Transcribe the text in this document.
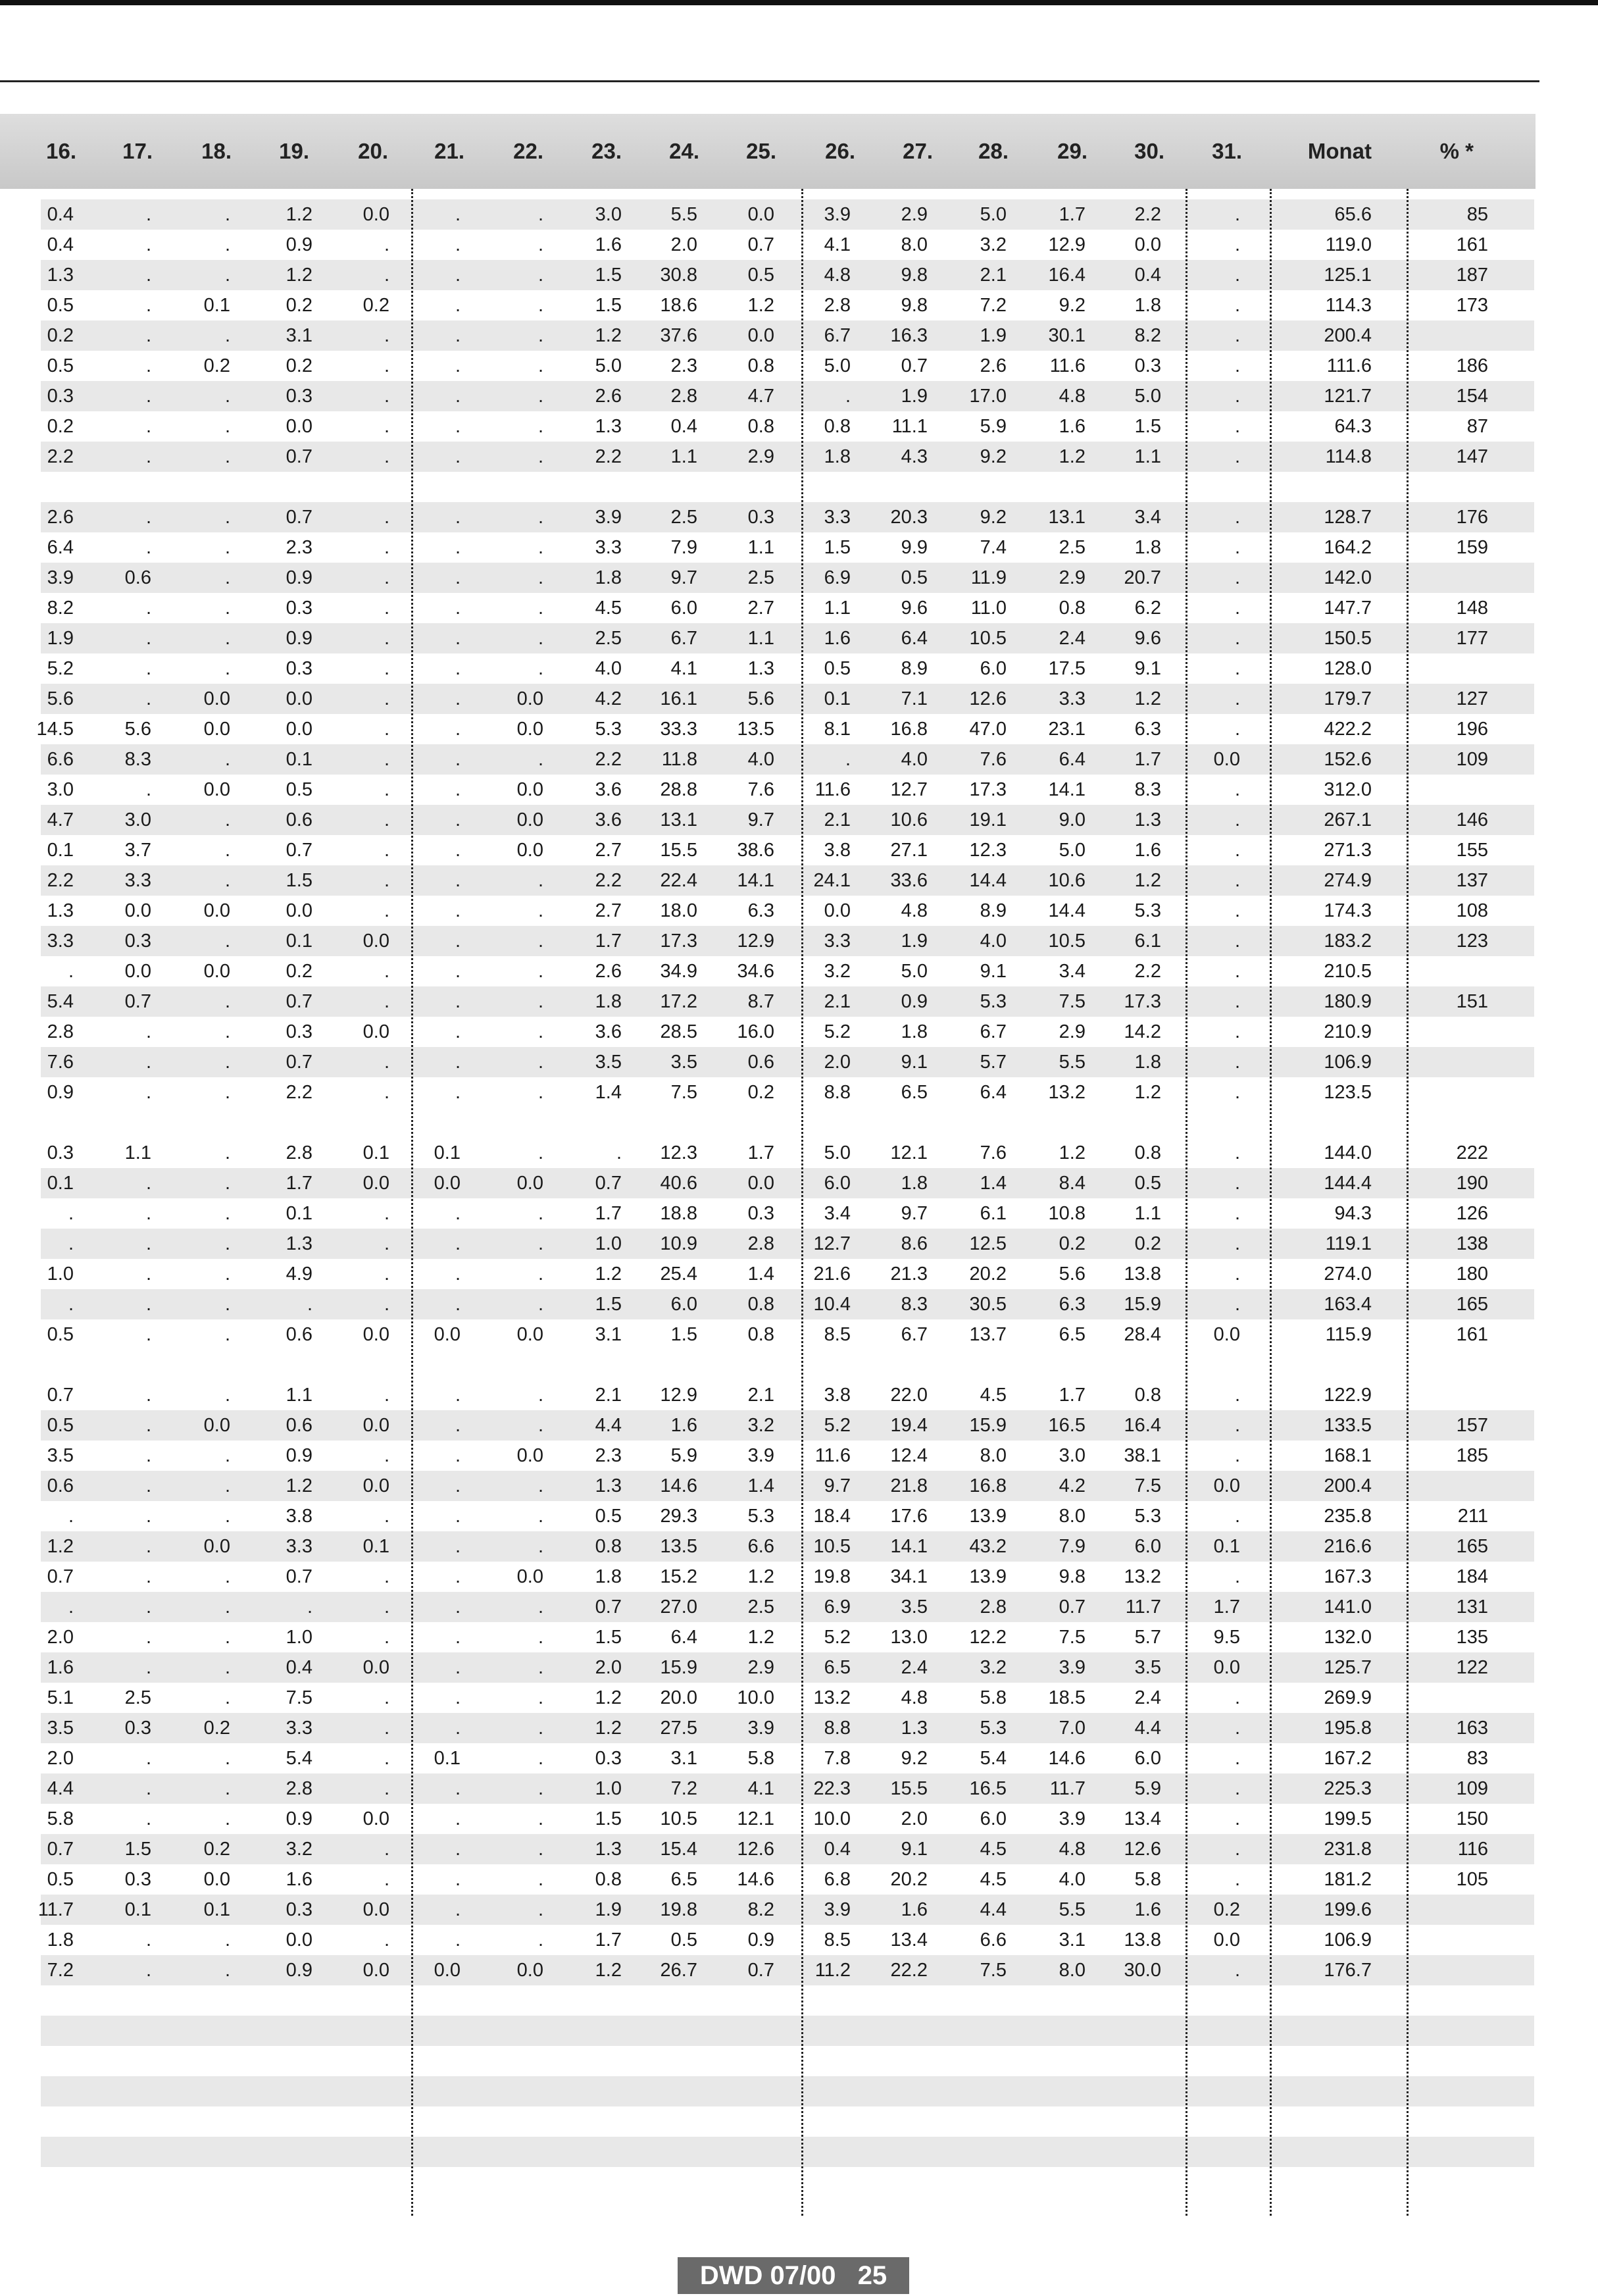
16.	17.	18.	19.	20.	21.	22.	23.	24.	25.	26.	27.	28.	29.	30.	31.	Monat	% *
0.4	.	.	1.2	0.0	.	.	3.0	5.5	0.0	3.9	2.9	5.0	1.7	2.2	.	65.6	85
0.4	.	.	0.9	.	.	.	1.6	2.0	0.7	4.1	8.0	3.2	12.9	0.0	.	119.0	161
1.3	.	.	1.2	.	.	.	1.5	30.8	0.5	4.8	9.8	2.1	16.4	0.4	.	125.1	187
0.5	.	0.1	0.2	0.2	.	.	1.5	18.6	1.2	2.8	9.8	7.2	9.2	1.8	.	114.3	173
0.2	.	.	3.1	.	.	.	1.2	37.6	0.0	6.7	16.3	1.9	30.1	8.2	.	200.4
0.5	.	0.2	0.2	.	.	.	5.0	2.3	0.8	5.0	0.7	2.6	11.6	0.3	.	111.6	186
0.3	.	.	0.3	.	.	.	2.6	2.8	4.7	.	1.9	17.0	4.8	5.0	.	121.7	154
0.2	.	.	0.0	.	.	.	1.3	0.4	0.8	0.8	11.1	5.9	1.6	1.5	.	64.3	87
2.2	.	.	0.7	.	.	.	2.2	1.1	2.9	1.8	4.3	9.2	1.2	1.1	.	114.8	147
2.6	.	.	0.7	.	.	.	3.9	2.5	0.3	3.3	20.3	9.2	13.1	3.4	.	128.7	176
6.4	.	.	2.3	.	.	.	3.3	7.9	1.1	1.5	9.9	7.4	2.5	1.8	.	164.2	159
3.9	0.6	.	0.9	.	.	.	1.8	9.7	2.5	6.9	0.5	11.9	2.9	20.7	.	142.0
8.2	.	.	0.3	.	.	.	4.5	6.0	2.7	1.1	9.6	11.0	0.8	6.2	.	147.7	148
1.9	.	.	0.9	.	.	.	2.5	6.7	1.1	1.6	6.4	10.5	2.4	9.6	.	150.5	177
5.2	.	.	0.3	.	.	.	4.0	4.1	1.3	0.5	8.9	6.0	17.5	9.1	.	128.0
5.6	.	0.0	0.0	.	.	0.0	4.2	16.1	5.6	0.1	7.1	12.6	3.3	1.2	.	179.7	127
14.5	5.6	0.0	0.0	.	.	0.0	5.3	33.3	13.5	8.1	16.8	47.0	23.1	6.3	.	422.2	196
6.6	8.3	.	0.1	.	.	.	2.2	11.8	4.0	.	4.0	7.6	6.4	1.7	0.0	152.6	109
3.0	.	0.0	0.5	.	.	0.0	3.6	28.8	7.6	11.6	12.7	17.3	14.1	8.3	.	312.0
4.7	3.0	.	0.6	.	.	0.0	3.6	13.1	9.7	2.1	10.6	19.1	9.0	1.3	.	267.1	146
0.1	3.7	.	0.7	.	.	0.0	2.7	15.5	38.6	3.8	27.1	12.3	5.0	1.6	.	271.3	155
2.2	3.3	.	1.5	.	.	.	2.2	22.4	14.1	24.1	33.6	14.4	10.6	1.2	.	274.9	137
1.3	0.0	0.0	0.0	.	.	.	2.7	18.0	6.3	0.0	4.8	8.9	14.4	5.3	.	174.3	108
3.3	0.3	.	0.1	0.0	.	.	1.7	17.3	12.9	3.3	1.9	4.0	10.5	6.1	.	183.2	123
.	0.0	0.0	0.2	.	.	.	2.6	34.9	34.6	3.2	5.0	9.1	3.4	2.2	.	210.5
5.4	0.7	.	0.7	.	.	.	1.8	17.2	8.7	2.1	0.9	5.3	7.5	17.3	.	180.9	151
2.8	.	.	0.3	0.0	.	.	3.6	28.5	16.0	5.2	1.8	6.7	2.9	14.2	.	210.9
7.6	.	.	0.7	.	.	.	3.5	3.5	0.6	2.0	9.1	5.7	5.5	1.8	.	106.9
0.9	.	.	2.2	.	.	.	1.4	7.5	0.2	8.8	6.5	6.4	13.2	1.2	.	123.5
0.3	1.1	.	2.8	0.1	0.1	.	.	12.3	1.7	5.0	12.1	7.6	1.2	0.8	.	144.0	222
0.1	.	.	1.7	0.0	0.0	0.0	0.7	40.6	0.0	6.0	1.8	1.4	8.4	0.5	.	144.4	190
.	.	.	0.1	.	.	.	1.7	18.8	0.3	3.4	9.7	6.1	10.8	1.1	.	94.3	126
.	.	.	1.3	.	.	.	1.0	10.9	2.8	12.7	8.6	12.5	0.2	0.2	.	119.1	138
1.0	.	.	4.9	.	.	.	1.2	25.4	1.4	21.6	21.3	20.2	5.6	13.8	.	274.0	180
.	.	.	.	.	.	.	1.5	6.0	0.8	10.4	8.3	30.5	6.3	15.9	.	163.4	165
0.5	.	.	0.6	0.0	0.0	0.0	3.1	1.5	0.8	8.5	6.7	13.7	6.5	28.4	0.0	115.9	161
0.7	.	.	1.1	.	.	.	2.1	12.9	2.1	3.8	22.0	4.5	1.7	0.8	.	122.9
0.5	.	0.0	0.6	0.0	.	.	4.4	1.6	3.2	5.2	19.4	15.9	16.5	16.4	.	133.5	157
3.5	.	.	0.9	.	.	0.0	2.3	5.9	3.9	11.6	12.4	8.0	3.0	38.1	.	168.1	185
0.6	.	.	1.2	0.0	.	.	1.3	14.6	1.4	9.7	21.8	16.8	4.2	7.5	0.0	200.4
.	.	.	3.8	.	.	.	0.5	29.3	5.3	18.4	17.6	13.9	8.0	5.3	.	235.8	211
1.2	.	0.0	3.3	0.1	.	.	0.8	13.5	6.6	10.5	14.1	43.2	7.9	6.0	0.1	216.6	165
0.7	.	.	0.7	.	.	0.0	1.8	15.2	1.2	19.8	34.1	13.9	9.8	13.2	.	167.3	184
.	.	.	.	.	.	.	0.7	27.0	2.5	6.9	3.5	2.8	0.7	11.7	1.7	141.0	131
2.0	.	.	1.0	.	.	.	1.5	6.4	1.2	5.2	13.0	12.2	7.5	5.7	9.5	132.0	135
1.6	.	.	0.4	0.0	.	.	2.0	15.9	2.9	6.5	2.4	3.2	3.9	3.5	0.0	125.7	122
5.1	2.5	.	7.5	.	.	.	1.2	20.0	10.0	13.2	4.8	5.8	18.5	2.4	.	269.9
3.5	0.3	0.2	3.3	.	.	.	1.2	27.5	3.9	8.8	1.3	5.3	7.0	4.4	.	195.8	163
2.0	.	.	5.4	.	0.1	.	0.3	3.1	5.8	7.8	9.2	5.4	14.6	6.0	.	167.2	83
4.4	.	.	2.8	.	.	.	1.0	7.2	4.1	22.3	15.5	16.5	11.7	5.9	.	225.3	109
5.8	.	.	0.9	0.0	.	.	1.5	10.5	12.1	10.0	2.0	6.0	3.9	13.4	.	199.5	150
0.7	1.5	0.2	3.2	.	.	.	1.3	15.4	12.6	0.4	9.1	4.5	4.8	12.6	.	231.8	116
0.5	0.3	0.0	1.6	.	.	.	0.8	6.5	14.6	6.8	20.2	4.5	4.0	5.8	.	181.2	105
11.7	0.1	0.1	0.3	0.0	.	.	1.9	19.8	8.2	3.9	1.6	4.4	5.5	1.6	0.2	199.6
1.8	.	.	0.0	.	.	.	1.7	0.5	0.9	8.5	13.4	6.6	3.1	13.8	0.0	106.9
7.2	.	.	0.9	0.0	0.0	0.0	1.2	26.7	0.7	11.2	22.2	7.5	8.0	30.0	.	176.7
DWD 07/00 25
